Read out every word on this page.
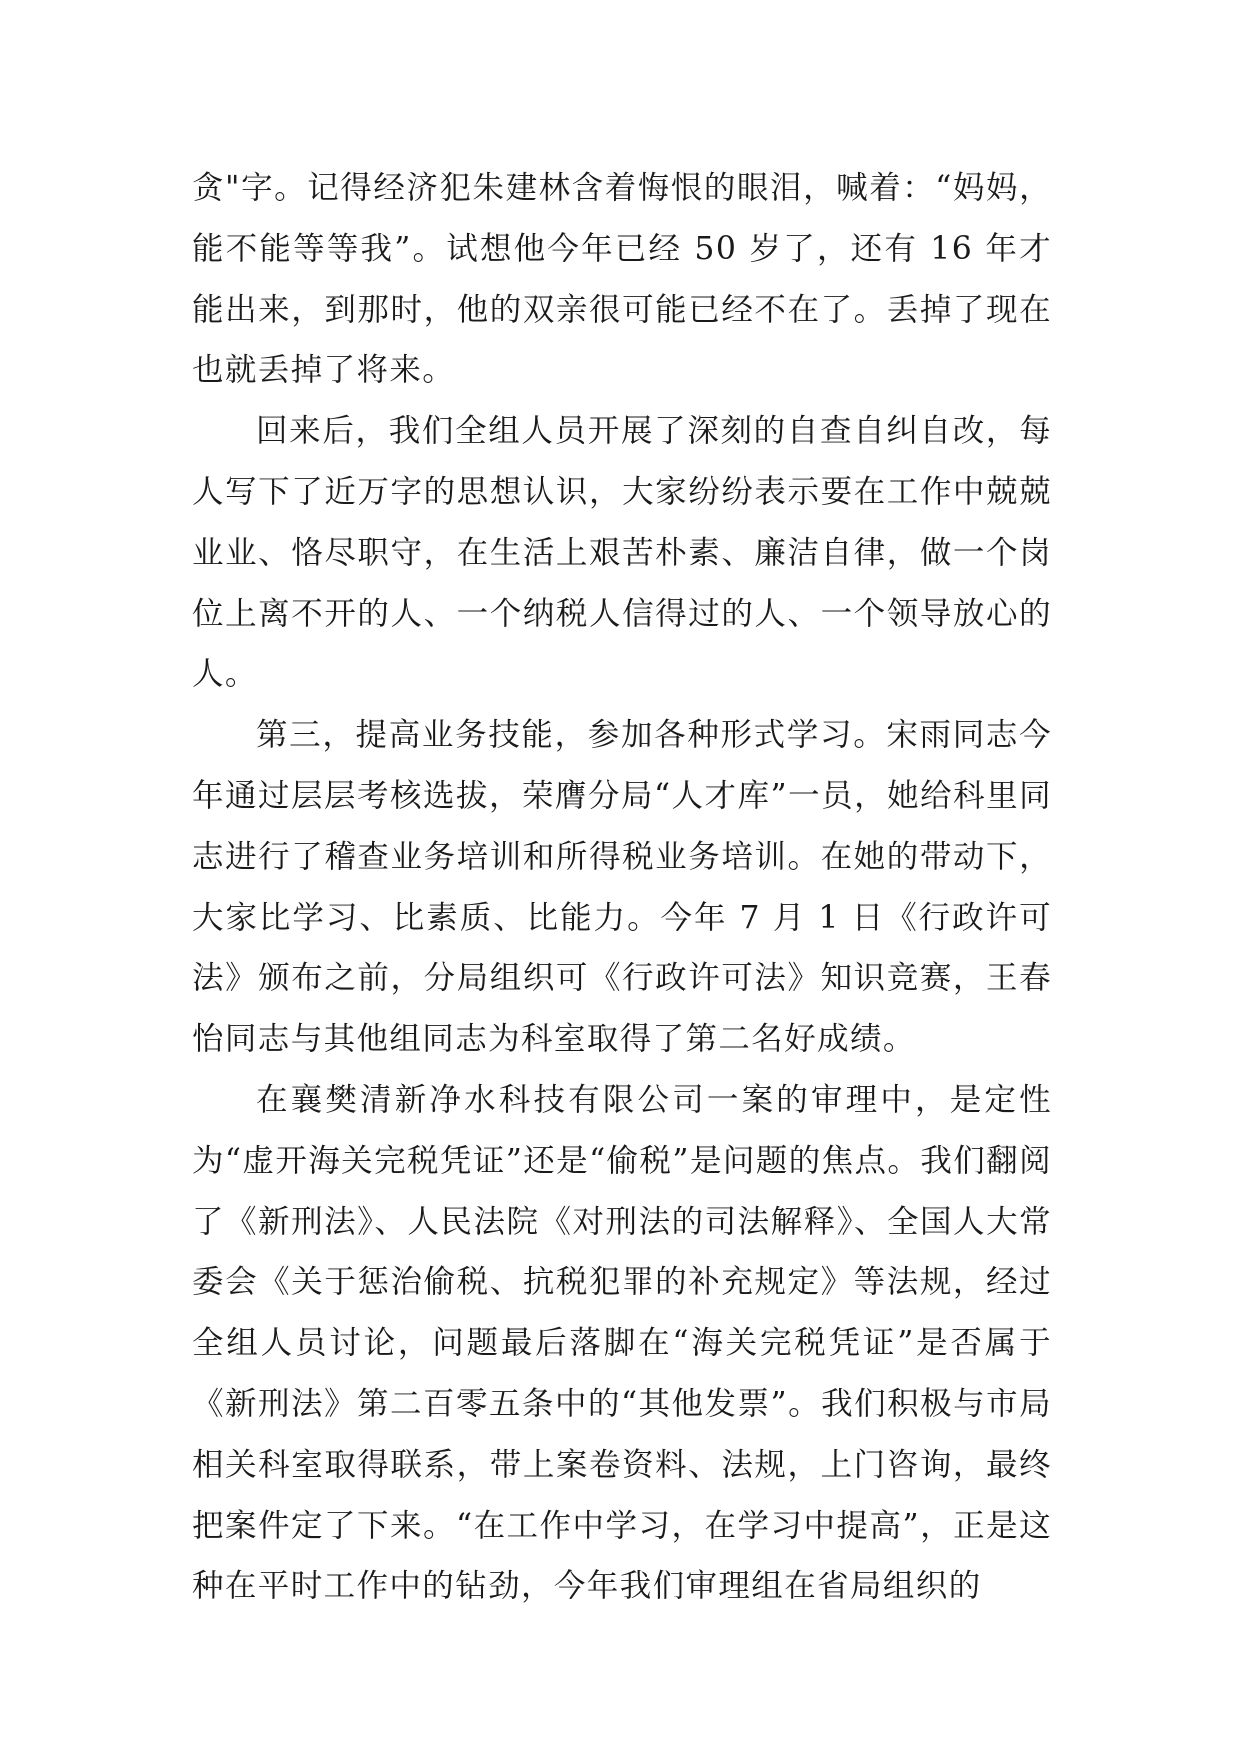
贪"字。记得经济犯朱建林含着悔恨的眼泪，喊着：“妈妈，能不能等等我”。试想他今年已经 50 岁了，还有 16 年才能出来，到那时，他的双亲很可能已经不在了。丢掉了现在也就丢掉了将来。

回来后，我们全组人员开展了深刻的自查自纠自改，每人写下了近万字的思想认识，大家纷纷表示要在工作中兢兢业业、恪尽职守，在生活上艰苦朴素、廉洁自律，做一个岗位上离不开的人、一个纳税人信得过的人、一个领导放心的人。

第三，提高业务技能，参加各种形式学习。宋雨同志今年通过层层考核选拔，荣膺分局“人才库”一员，她给科里同志进行了稽查业务培训和所得税业务培训。在她的带动下，大家比学习、比素质、比能力。今年 7 月 1 日《行政许可法》颁布之前，分局组织可《行政许可法》知识竞赛，王春怡同志与其他组同志为科室取得了第二名好成绩。

在襄樊清新净水科技有限公司一案的审理中，是定性为“虚开海关完税凭证”还是“偷税”是问题的焦点。我们翻阅了《新刑法》、人民法院《对刑法的司法解释》、全国人大常委会《关于惩治偷税、抗税犯罪的补充规定》等法规，经过全组人员讨论，问题最后落脚在“海关完税凭证”是否属于《新刑法》第二百零五条中的“其他发票”。我们积极与市局相关科室取得联系，带上案卷资料、法规，上门咨询，最终把案件定了下来。“在工作中学习，在学习中提高”，正是这种在平时工作中的钻劲，今年我们审理组在省局组织的
